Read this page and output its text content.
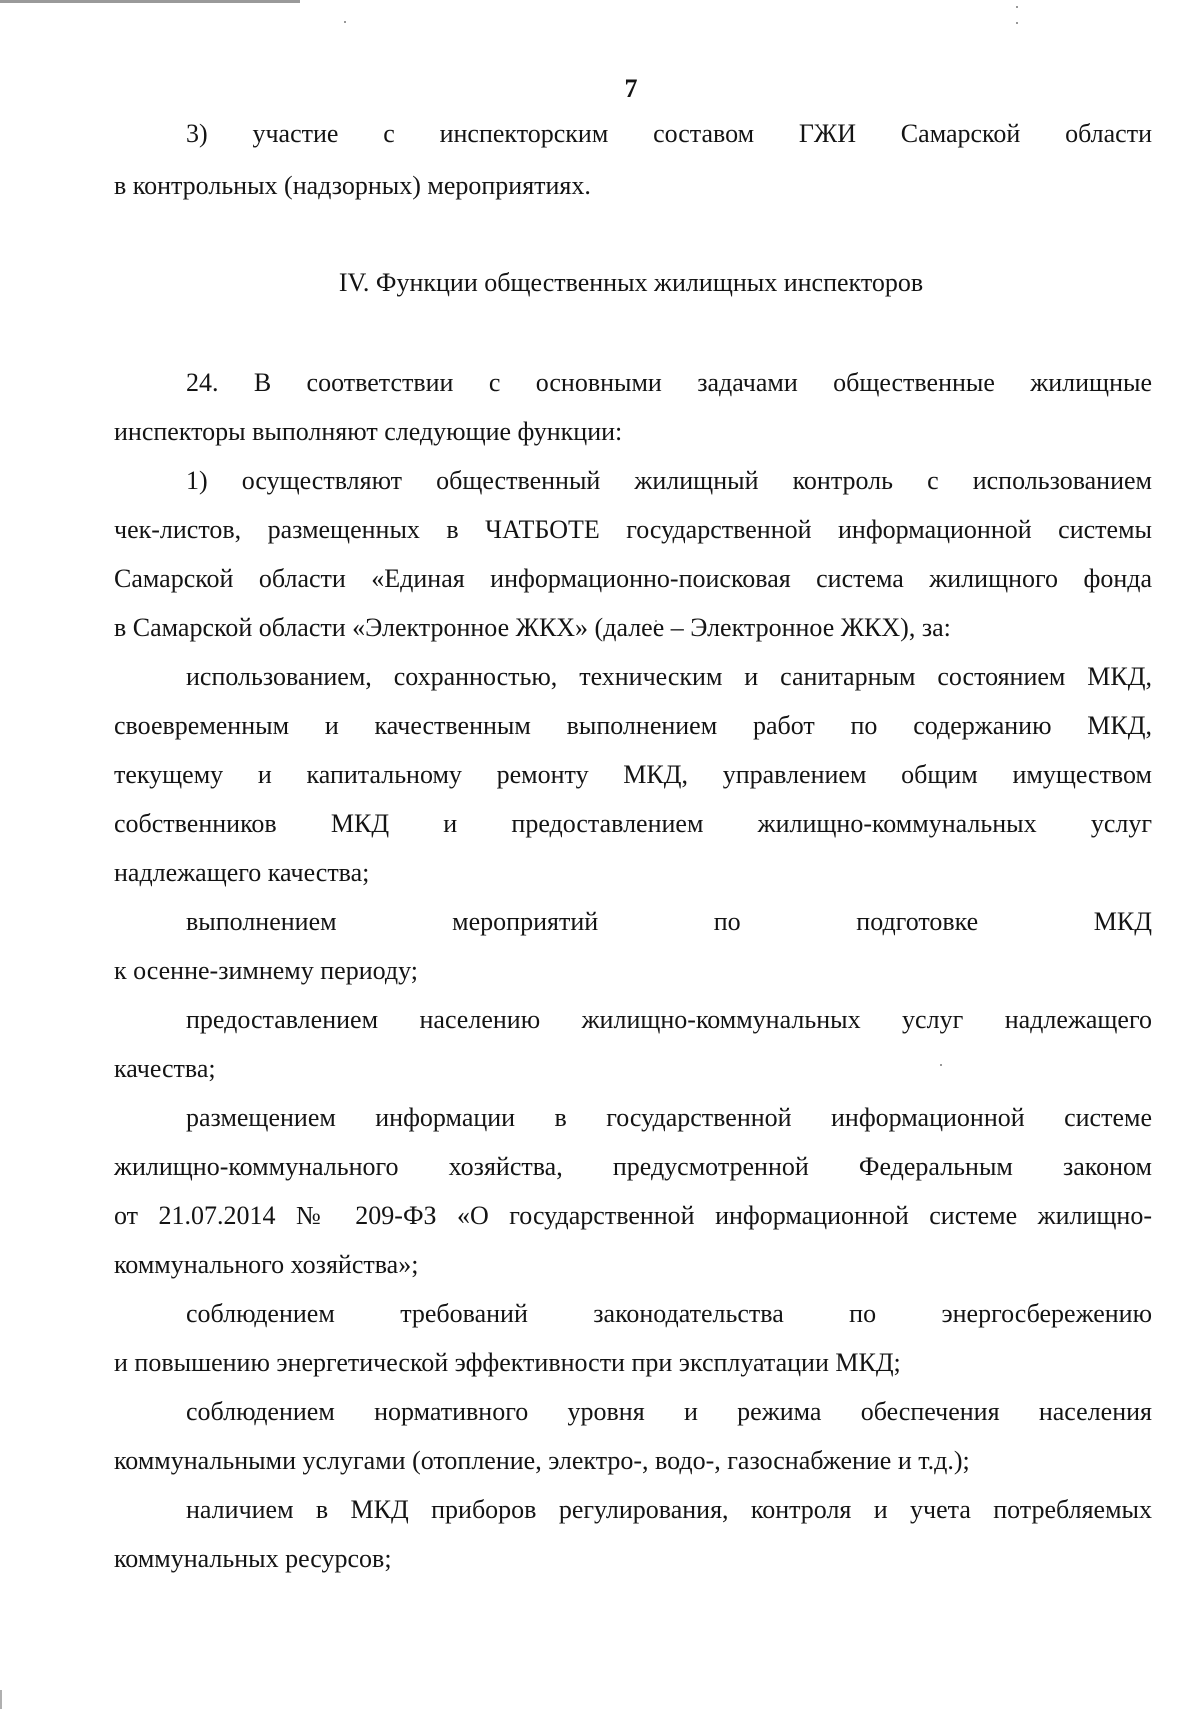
7
3) участие с инспекторским составом ГЖИ Самарской области
в контрольных (надзорных) мероприятиях.
IV. Функции общественных жилищных инспекторов
24. В соответствии с основными задачами общественные жилищные
инспекторы выполняют следующие функции:
1) осуществляют общественный жилищный контроль с использованием
чек-листов, размещенных в ЧАТБОТЕ государственной информационной системы
Самарской области «Единая информационно-поисковая система жилищного фонда
в Самарской области «Электронное ЖКХ» (далее – Электронное ЖКХ), за:
использованием, сохранностью, техническим и санитарным состоянием МКД,
своевременным и качественным выполнением работ по содержанию МКД,
текущему и капитальному ремонту МКД, управлением общим имуществом
собственников МКД и предоставлением жилищно-коммунальных услуг
надлежащего качества;
выполнением мероприятий по подготовке МКД
к осенне-зимнему периоду;
предоставлением населению жилищно-коммунальных услуг надлежащего
качества;
размещением информации в государственной информационной системе
жилищно-коммунального хозяйства, предусмотренной Федеральным законом
от 21.07.2014 № 209-ФЗ «О государственной информационной системе жилищно-
коммунального хозяйства»;
соблюдением требований законодательства по энергосбережению
и повышению энергетической эффективности при эксплуатации МКД;
соблюдением нормативного уровня и режима обеспечения населения
коммунальными услугами (отопление, электро-, водо-, газоснабжение и т.д.);
наличием в МКД приборов регулирования, контроля и учета потребляемых
коммунальных ресурсов;
